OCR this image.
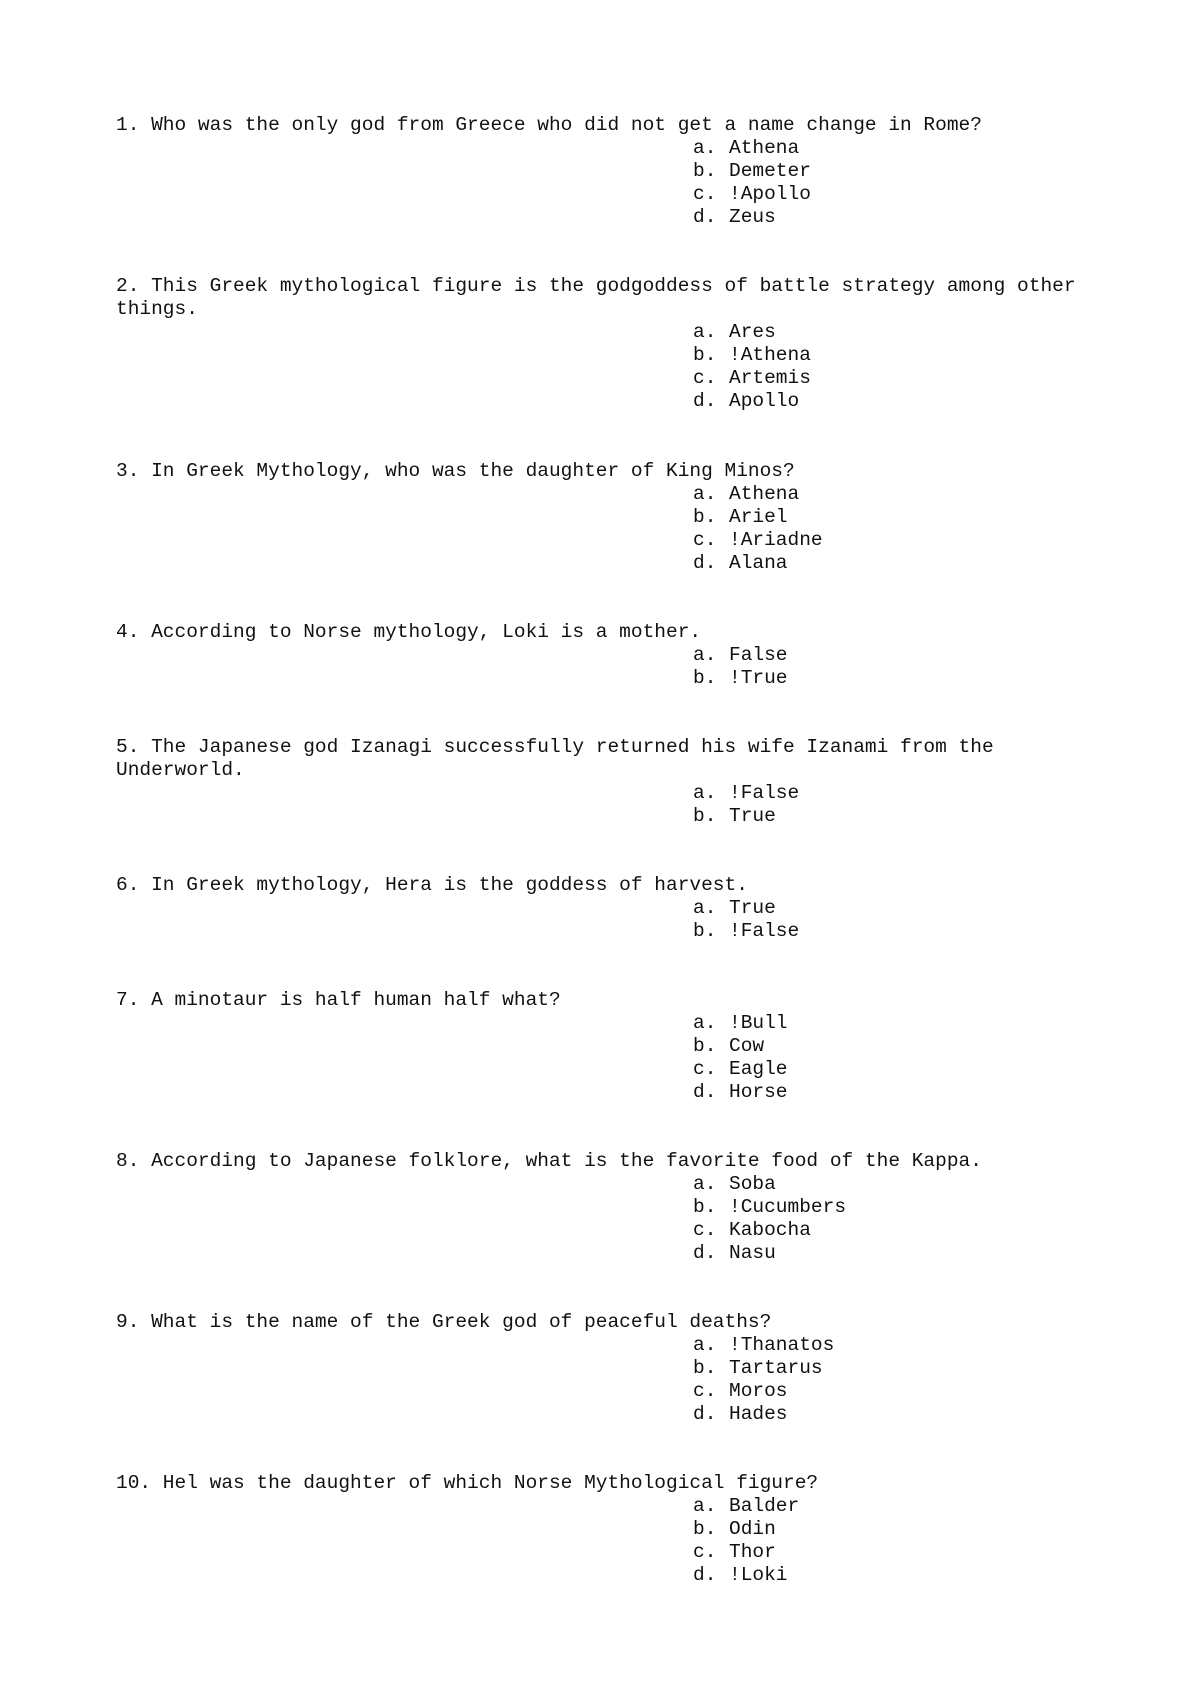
1. Who was the only god from Greece who did not get a name change in Rome?

a. Athena
b. Demeter
c. !Apollo
d. Zeus

2. This Greek mythological figure is the godgoddess of battle strategy among other things.

a. Ares
b. !Athena
c. Artemis
d. Apollo

3. In Greek Mythology, who was the daughter of King Minos?

a. Athena
b. Ariel
c. !Ariadne
d. Alana

4. According to Norse mythology, Loki is a mother.

a. False
b. !True

5. The Japanese god Izanagi successfully returned his wife Izanami from the Underworld.

a. !False
b. True

6. In Greek mythology, Hera is the goddess of harvest.

a. True
b. !False

7. A minotaur is half human half what?

a. !Bull
b. Cow
c. Eagle
d. Horse

8. According to Japanese folklore, what is the favorite food of the Kappa.

a. Soba
b. !Cucumbers
c. Kabocha
d. Nasu

9. What is the name of the Greek god of peaceful deaths?

a. !Thanatos
b. Tartarus
c. Moros
d. Hades

10. Hel was the daughter of which Norse Mythological figure?

a. Balder
b. Odin
c. Thor
d. !Loki
